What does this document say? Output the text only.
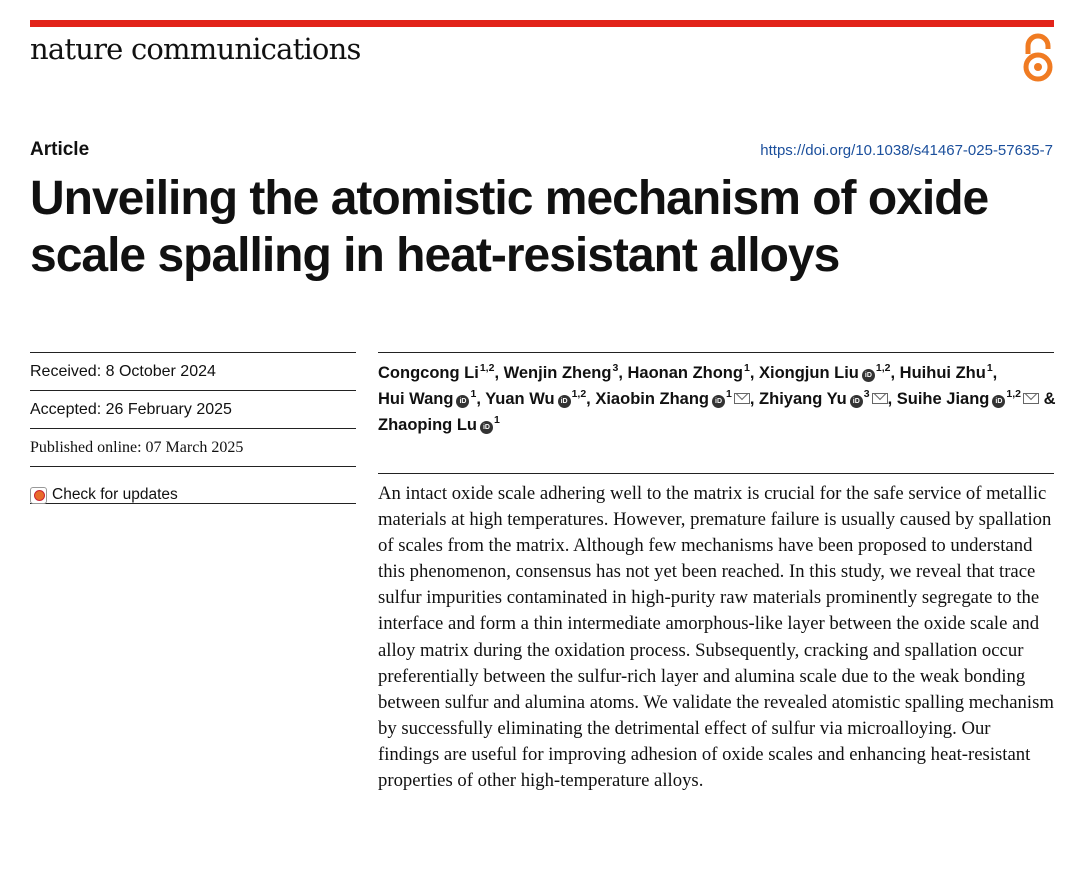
nature communications
Article	https://doi.org/10.1038/s41467-025-57635-7
Unveiling the atomistic mechanism of oxide scale spalling in heat-resistant alloys
Received: 8 October 2024
Accepted: 26 February 2025
Published online: 07 March 2025
Check for updates
Congcong Li$^{1,2}$, Wenjin Zheng$^3$, Haonan Zhong$^1$, Xiongjun Liu iD$^{1,2}$, Huihui Zhu$^1$, Hui Wang $iD^1$, Yuan Wu iD$^{1,2}$, Xiaobin Zhang $iD^1$ , Zhiyang Yu $iD^3$ , Suihe Jiang iD$^{1,2}$ & Zhaoping Lu $iD^1$

An intact oxide scale adhering well to the matrix is crucial for the safe service of metallic materials at high temperatures. However, premature failure is usually caused by spallation of scales from the matrix. Although few mechanisms have been proposed to understand this phenomenon, consensus has not yet been reached. In this study, we reveal that trace sulfur impurities contaminated in high-purity raw materials prominently segregate to the interface and form a thin intermediate amorphous-like layer between the oxide scale and alloy matrix during the oxidation process. Subsequently, cracking and spallation occur preferentially between the sulfur-rich layer and alumina scale due to the weak bonding between sulfur and alumina atoms. We validate the revealed atomistic spalling mechanism by successfully eliminating the detrimental effect of sulfur via microalloying. Our findings are useful for improving adhesion of oxide scales and enhancing heat-resistant properties of other high-temperature alloys.
